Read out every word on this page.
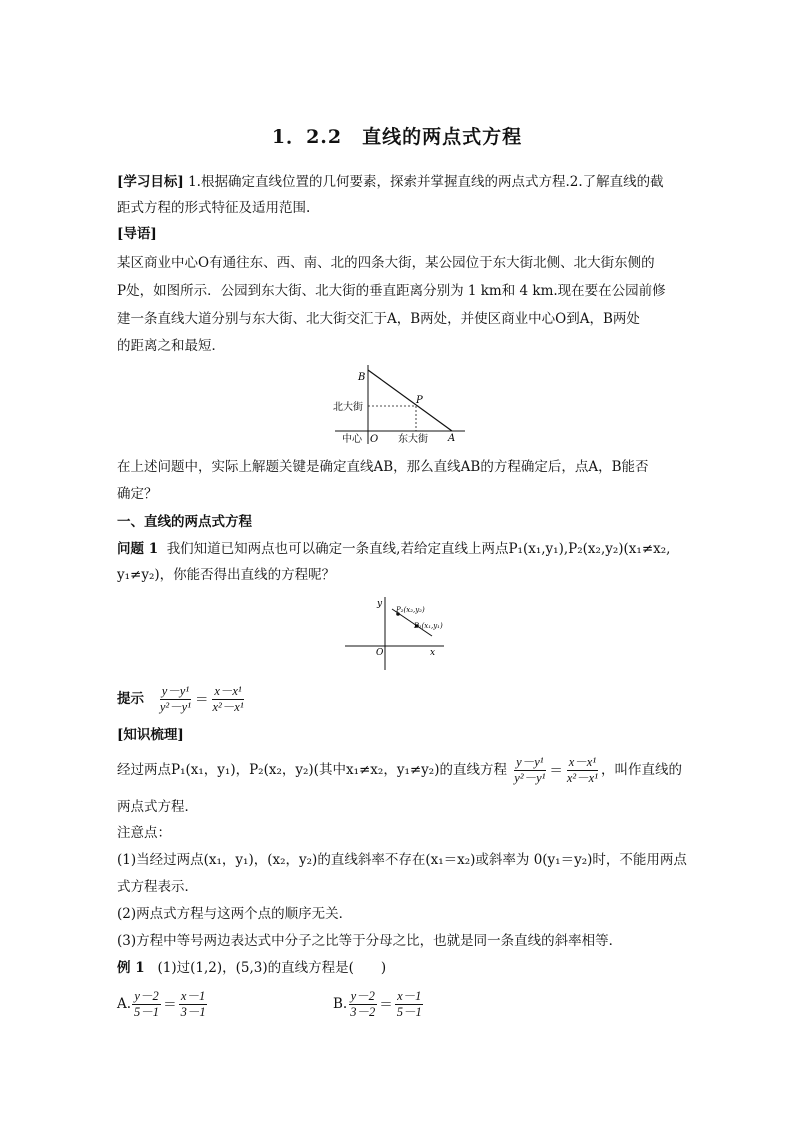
1．2.2　直线的两点式方程
[学习目标] 1.根据确定直线位置的几何要素，探索并掌握直线的两点式方程.2.了解直线的截
距式方程的形式特征及适用范围.
[导语]
某区商业中心O有通往东、西、南、北的四条大街，某公园位于东大街北侧、北大街东侧的
P处，如图所示．公园到东大街、北大街的垂直距离分别为 1 km和 4 km.现在要在公园前修
建一条直线大道分别与东大街、北大街交汇于A，B两处，并使区商业中心O到A，B两处
的距离之和最短．
B
P
北大街
中心 O 东大街 A
在上述问题中，实际上解题关键是确定直线AB，那么直线AB的方程确定后，点A，B能否
确定？
一、直线的两点式方程
问题 1 我们知道已知两点也可以确定一条直线,若给定直线上两点P₁(x₁,y₁),P₂(x₂,y₂)(x₁≠x₂,
y₁≠y₂)，你能否得出直线的方程呢？
y
x
O
P₂(x₂,y₂)
P₁(x₁,y₁)
提示 $\frac{\text{y－y¹}}{\text{y²－y¹}} = \frac{\text{x－x¹}}{\text{x²－x¹}}$
[知识梳理]
经过两点P₁(x₁，y₁)，P₂(x₂，y₂)(其中x₁≠x₂，y₁≠y₂)的直线方程 $\frac{\text{y－y¹}}{\text{y²－y¹}} = \frac{\text{x－x¹}}{\text{x²－x¹}}$ ，叫作直线的
两点式方程．
注意点：
(1)当经过两点(x₁，y₁)，(x₂，y₂)的直线斜率不存在(x₁＝x₂)或斜率为 0(y₁＝y₂)时，不能用两点
式方程表示．
(2)两点式方程与这两个点的顺序无关．
(3)方程中等号两边表达式中分子之比等于分母之比，也就是同一条直线的斜率相等．
例 1 (1)过(1,2)，(5,3)的直线方程是(　　)
A. $\frac{y-2}{5-1} = \frac{x-1}{3-1}$	B. $\frac{y-2}{3-2} = \frac{x-1}{5-1}$
